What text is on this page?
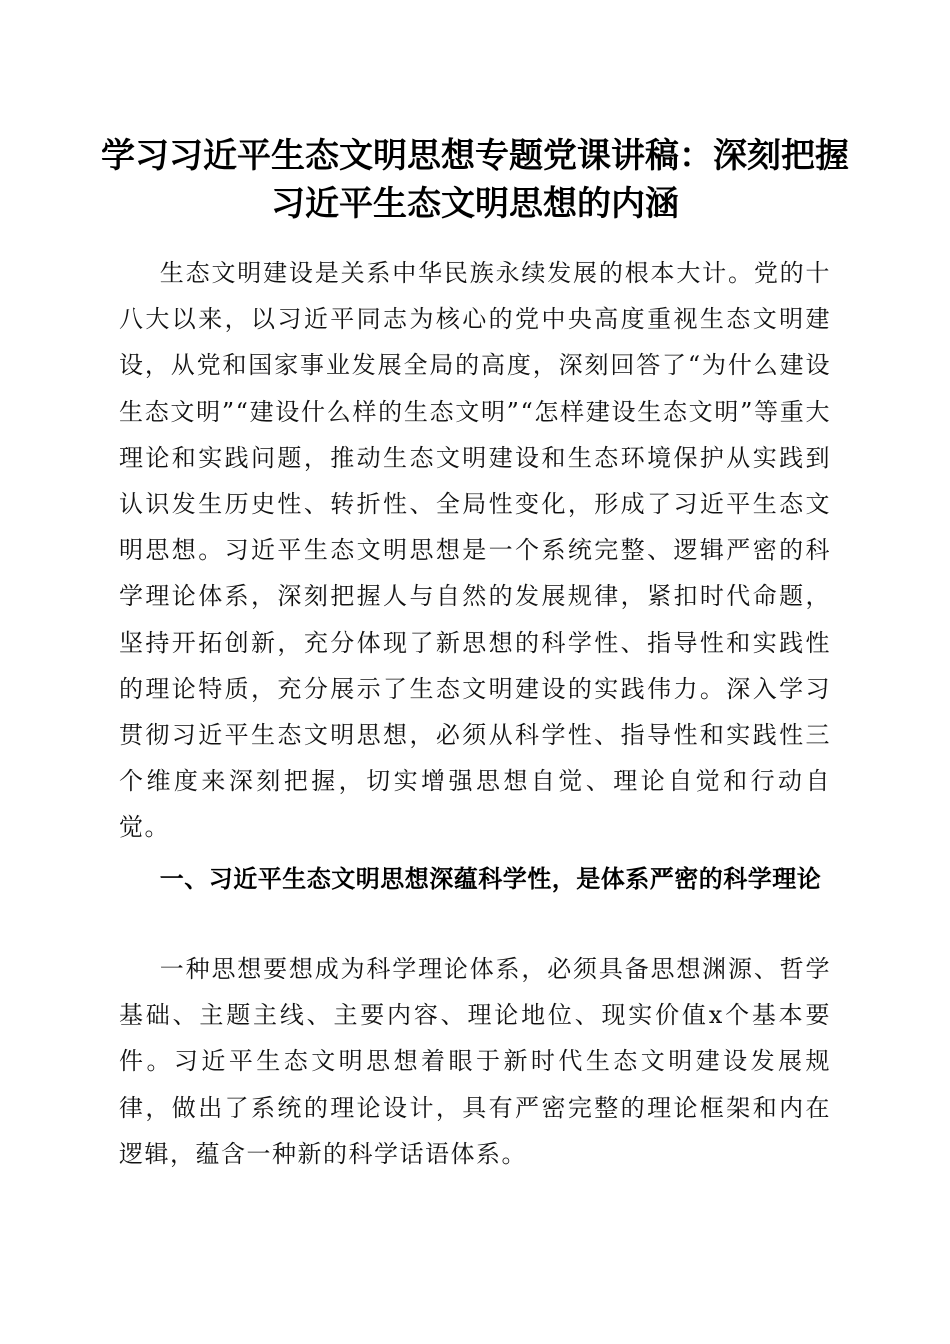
学习习近平生态文明思想专题党课讲稿：深刻把握习近平生态文明思想的内涵

生态文明建设是关系中华民族永续发展的根本大计。党的十八大以来，以习近平同志为核心的党中央高度重视生态文明建设，从党和国家事业发展全局的高度，深刻回答了“为什么建设生态文明”“建设什么样的生态文明”“怎样建设生态文明”等重大理论和实践问题，推动生态文明建设和生态环境保护从实践到认识发生历史性、转折性、全局性变化，形成了习近平生态文明思想。习近平生态文明思想是一个系统完整、逻辑严密的科学理论体系，深刻把握人与自然的发展规律，紧扣时代命题，坚持开拓创新，充分体现了新思想的科学性、指导性和实践性的理论特质，充分展示了生态文明建设的实践伟力。深入学习贯彻习近平生态文明思想，必须从科学性、指导性和实践性三个维度来深刻把握，切实增强思想自觉、理论自觉和行动自觉。

一、习近平生态文明思想深蕴科学性，是体系严密的科学理论

一种思想要想成为科学理论体系，必须具备思想渊源、哲学基础、主题主线、主要内容、理论地位、现实价值x个基本要件。习近平生态文明思想着眼于新时代生态文明建设发展规律，做出了系统的理论设计，具有严密完整的理论框架和内在逻辑，蕴含一种新的科学话语体系。
